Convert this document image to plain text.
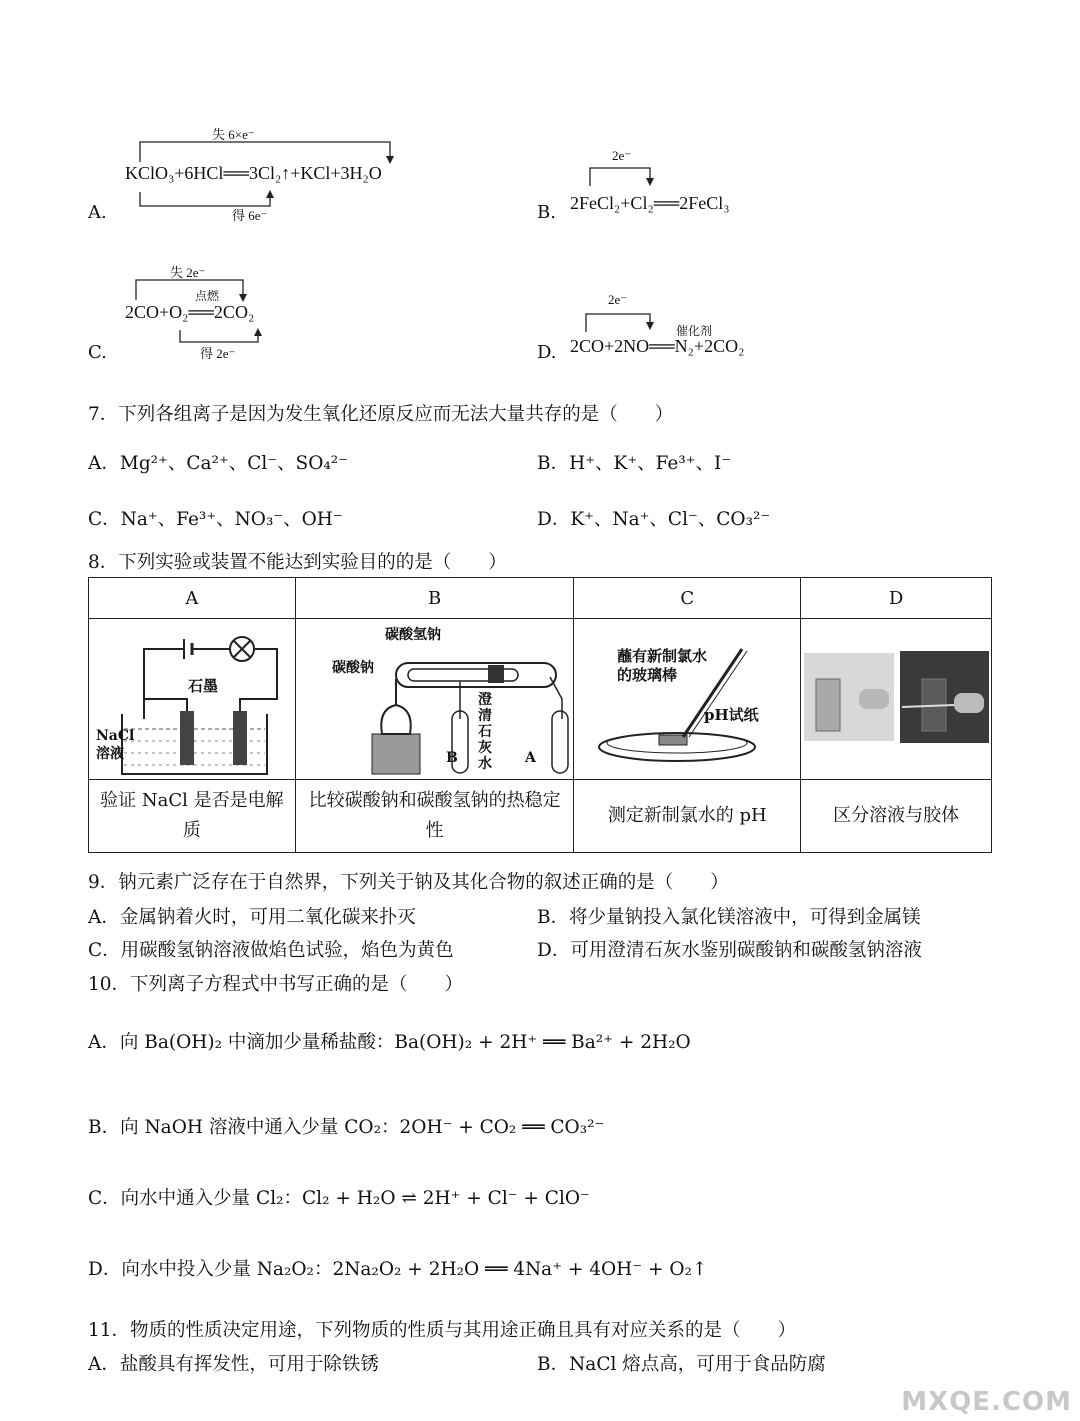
A.
失 6×e⁻
KClO₃+6HCl══3Cl₂↑+KCl+3H₂O
得 6e⁻	B.
2e⁻
2FeCl₂+Cl₂══2FeCl₃
C.
失 2e⁻
点燃
2CO+O₂══2CO₂
得 2e⁻	D.
2e⁻
催化剂
2CO+2NO══N₂+2CO₂
7．下列各组离子是因为发生氧化还原反应而无法大量共存的是（　　）
A．Mg²⁺、Ca²⁺、Cl⁻、SO₄²⁻	B．H⁺、K⁺、Fe³⁺、I⁻
C．Na⁺、Fe³⁺、NO₃⁻、OH⁻	D．K⁺、Na⁺、Cl⁻、CO₃²⁻
8．下列实验或装置不能达到实验目的的是（　　）
A	B	C	D

验证 NaCl 是否是电解质	比较碳酸钠和碳酸氢钠的热稳定性	测定新制氯水的 pH	区分溶液与胶体
石墨
NaCl溶液
碳酸氢钠
碳酸钠
澄清石灰水
B	A
蘸有新制氯水的玻璃棒
pH试纸
9．钠元素广泛存在于自然界，下列关于钠及其化合物的叙述正确的是（　　）
A．金属钠着火时，可用二氧化碳来扑灭	B．将少量钠投入氯化镁溶液中，可得到金属镁
C．用碳酸氢钠溶液做焰色试验，焰色为黄色	D．可用澄清石灰水鉴别碳酸钠和碳酸氢钠溶液
10．下列离子方程式中书写正确的是（　　）
A．向 Ba(OH)₂ 中滴加少量稀盐酸：Ba(OH)₂ + 2H⁺ ══ Ba²⁺ + 2H₂O
B．向 NaOH 溶液中通入少量 CO₂：2OH⁻ + CO₂ ══ CO₃²⁻
C．向水中通入少量 Cl₂：Cl₂ + H₂O ⇌ 2H⁺ + Cl⁻ + ClO⁻
D．向水中投入少量 Na₂O₂：2Na₂O₂ + 2H₂O ══ 4Na⁺ + 4OH⁻ + O₂↑
11．物质的性质决定用途，下列物质的性质与其用途正确且具有对应关系的是（　　）
A．盐酸具有挥发性，可用于除铁锈	B．NaCl 熔点高，可用于食品防腐
MXQE.COM
